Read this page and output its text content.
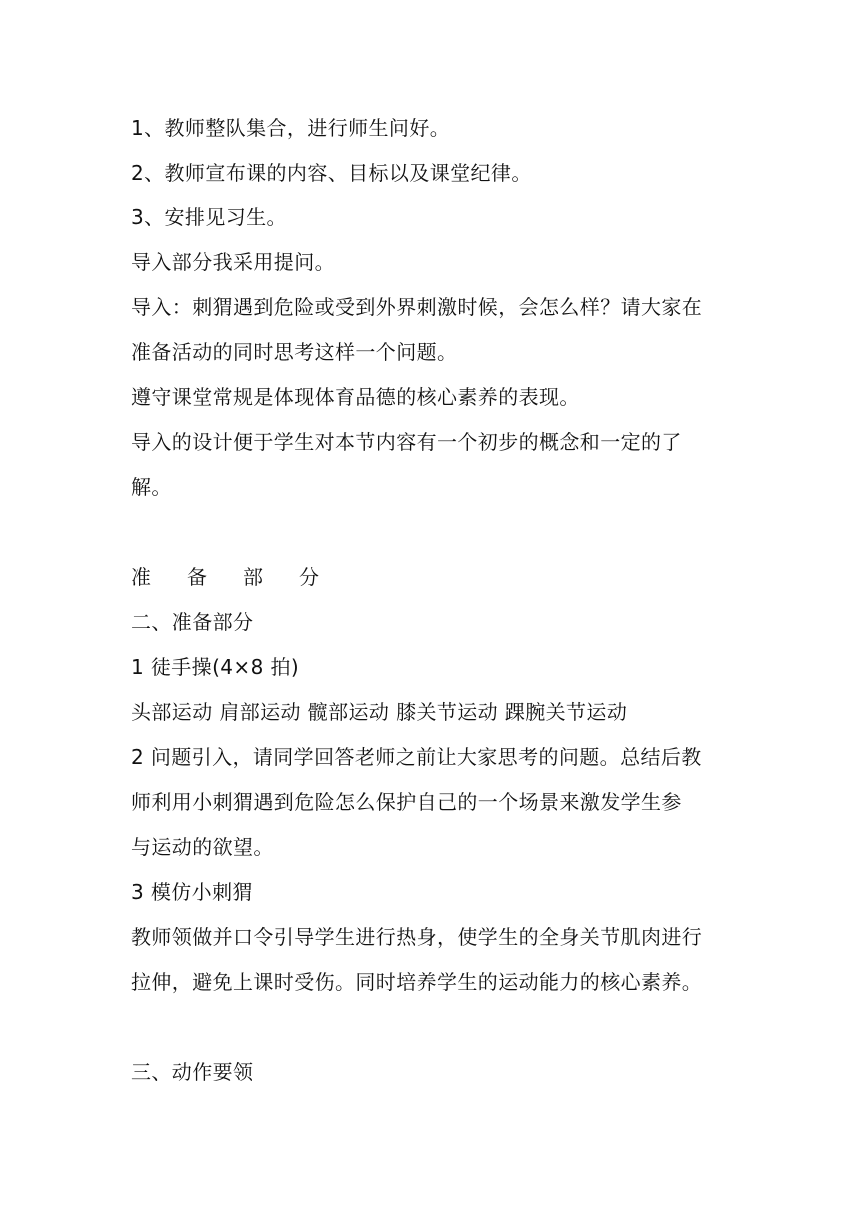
1、教师整队集合，进行师生问好。
2、教师宣布课的内容、目标以及课堂纪律。
3、安排见习生。
导入部分我采用提问。
导入：刺猬遇到危险或受到外界刺激时候，会怎么样？请大家在
准备活动的同时思考这样一个问题。
遵守课堂常规是体现体育品德的核心素养的表现。
导入的设计便于学生对本节内容有一个初步的概念和一定的了
解。
准 备 部 分
二、准备部分
1 徒手操(4×8 拍)
头部运动 肩部运动 髋部运动 膝关节运动 踝腕关节运动
2 问题引入，请同学回答老师之前让大家思考的问题。总结后教
师利用小刺猬遇到危险怎么保护自己的一个场景来激发学生参
与运动的欲望。
3 模仿小刺猬
教师领做并口令引导学生进行热身，使学生的全身关节肌肉进行
拉伸，避免上课时受伤。同时培养学生的运动能力的核心素养。
三、动作要领
